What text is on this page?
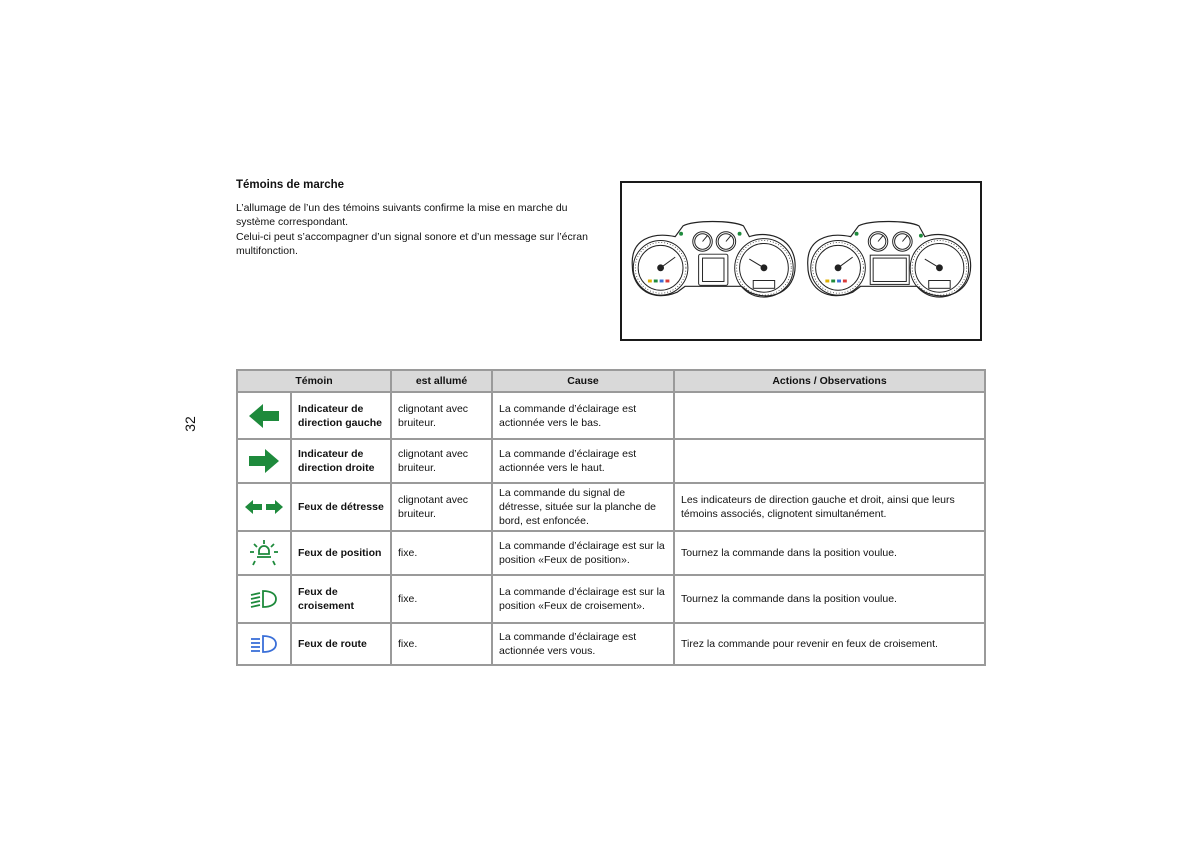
32
Témoins de marche

L’allumage de l’un des témoins suivants confirme la mise en marche du système correspondant.

Celui-ci peut s’accompagner d’un signal sonore et d’un message sur l’écran multifonction.

Témoin		est allumé	Cause	Actions / Observations

	Indicateur de direction gauche	clignotant avec bruiteur.	La commande d’éclairage est actionnée vers le bas.	

	Indicateur de direction droite	clignotant avec bruiteur.	La commande d’éclairage est actionnée vers le haut.	

	Feux de détresse	clignotant avec bruiteur.	La commande du signal de détresse, située sur la planche de bord, est enfoncée.	Les indicateurs de direction gauche et droit, ainsi que leurs témoins associés, clignotent simultanément.

	Feux de position	fixe.	La commande d’éclairage est sur la position «Feux de position».	Tournez la commande dans la position voulue.

	Feux de croisement	fixe.	La commande d’éclairage est sur la position «Feux de croisement».	Tournez la commande dans la position voulue.

	Feux de route	fixe.	La commande d’éclairage est actionnée vers vous.	Tirez la commande pour revenir en feux de croisement.
